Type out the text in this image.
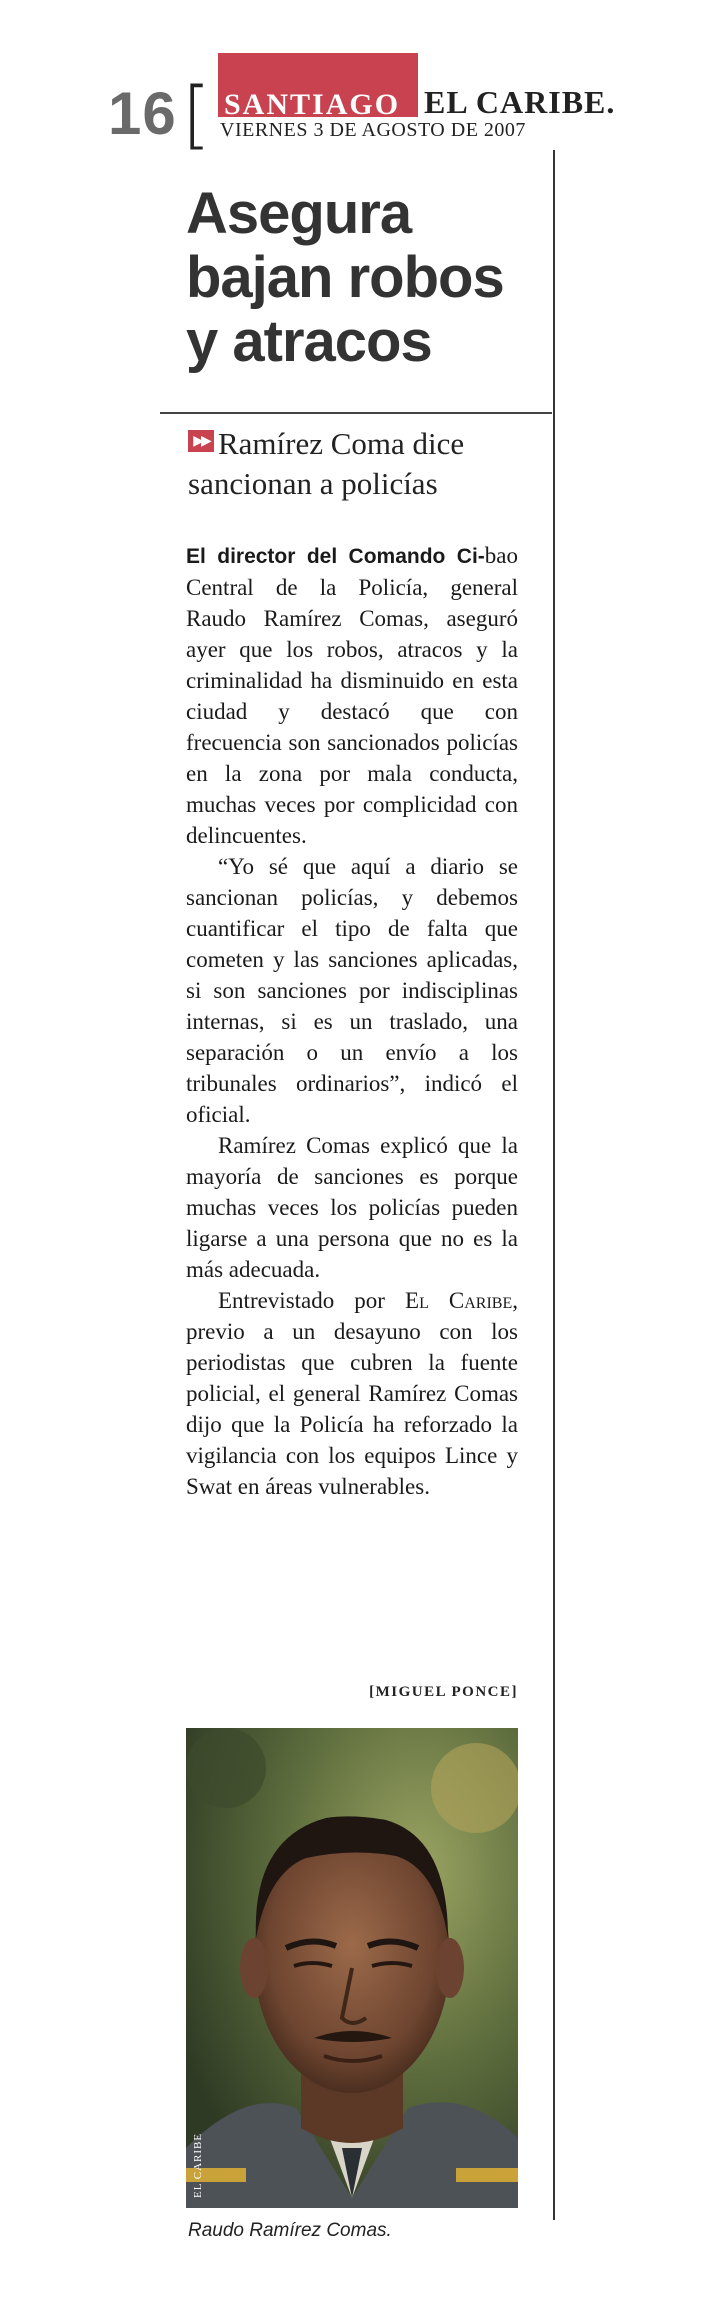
16 [ SANTIAGO EL CARIBE.
VIERNES 3 DE AGOSTO DE 2007
Asegura bajan robos y atracos
▶▶ Ramírez Coma dice sancionan a policías

El director del Comando Ci-bao Central de la Policía, general Raudo Ramírez Comas, aseguró ayer que los robos, atracos y la criminalidad ha disminuido en esta ciudad y destacó que con frecuencia son sancionados policías en la zona por mala conducta, muchas veces por complicidad con delincuentes.

“Yo sé que aquí a diario se sancionan policías, y debemos cuantificar el tipo de falta que cometen y las sanciones aplicadas, si son sanciones por indisciplinas internas, si es un traslado, una separación o un envío a los tribunales ordinarios”, indicó el oficial.

Ramírez Comas explicó que la mayoría de sanciones es porque muchas veces los policías pueden ligarse a una persona que no es la más adecuada.

Entrevistado por El Caribe, previo a un desayuno con los periodistas que cubren la fuente policial, el general Ramírez Comas dijo que la Policía ha reforzado la vigilancia con los equipos Lince y Swat en áreas vulnerables.

[MIGUEL PONCE]
EL CARIBE
Raudo Ramírez Comas.
